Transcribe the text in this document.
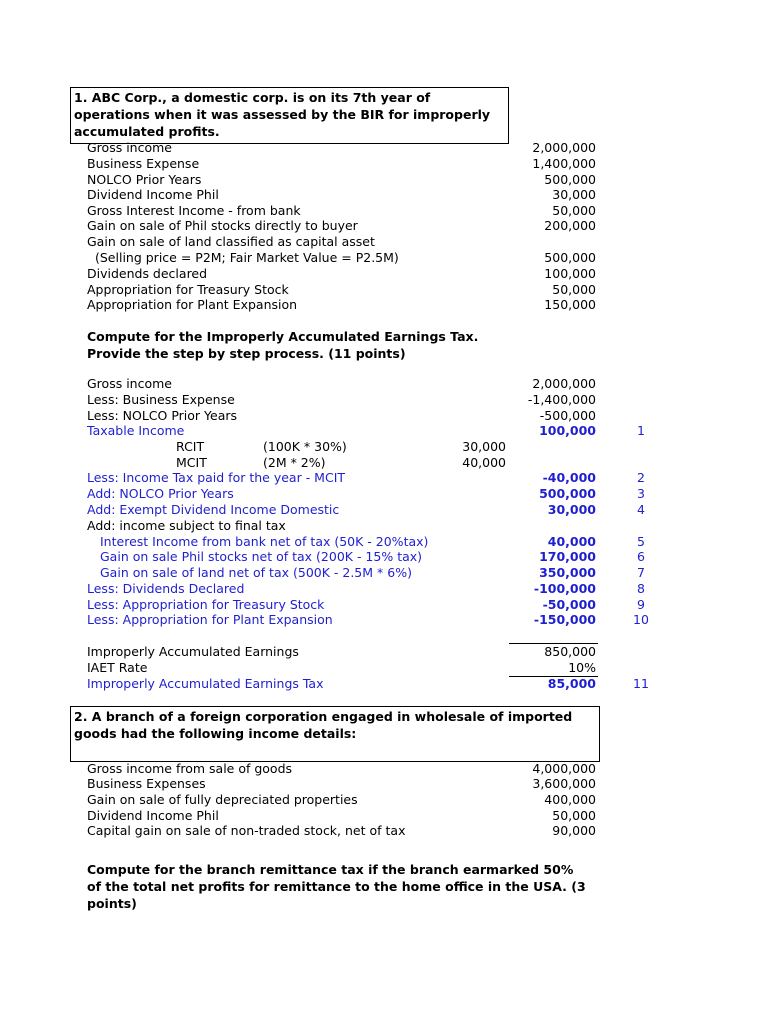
1. ABC Corp., a domestic corp. is on its 7th year of
operations when it was assessed by the BIR for improperly
accumulated profits.
Gross income	2,000,000
Business Expense	1,400,000
NOLCO Prior Years	500,000
Dividend Income Phil	30,000
Gross Interest Income - from bank	50,000
Gain on sale of Phil stocks directly to buyer	200,000
Gain on sale of land classified as capital asset
(Selling price = P2M; Fair Market Value = P2.5M)	500,000
Dividends declared	100,000
Appropriation for Treasury Stock	50,000
Appropriation for Plant Expansion	150,000
Compute for the Improperly Accumulated Earnings Tax.
Provide the step by step process. (11 points)
Gross income	2,000,000
Less: Business Expense	-1,400,000
Less: NOLCO Prior Years	-500,000
Taxable Income	100,000	1
RCIT	(100K * 30%)	30,000
MCIT	(2M * 2%)	40,000
Less: Income Tax paid for the year - MCIT	-40,000	2
Add: NOLCO Prior Years	500,000	3
Add: Exempt Dividend Income Domestic	30,000	4
Add: income subject to final tax
Interest Income from bank net of tax (50K - 20%tax)	40,000	5
Gain on sale Phil stocks net of tax (200K - 15% tax)	170,000	6
Gain on sale of land net of tax (500K - 2.5M * 6%)	350,000	7
Less: Dividends Declared	-100,000	8
Less: Appropriation for Treasury Stock	-50,000	9
Less: Appropriation for Plant Expansion	-150,000	10
Improperly Accumulated Earnings	850,000
IAET Rate	10%
Improperly Accumulated Earnings Tax	85,000	11
2. A branch of a foreign corporation engaged in wholesale of imported
goods had the following income details:
Gross income from sale of goods	4,000,000
Business Expenses	3,600,000
Gain on sale of fully depreciated properties	400,000
Dividend Income Phil	50,000
Capital gain on sale of non-traded stock, net of tax	90,000
Compute for the branch remittance tax if the branch earmarked 50%
of the total net profits for remittance to the home office in the USA. (3
points)
